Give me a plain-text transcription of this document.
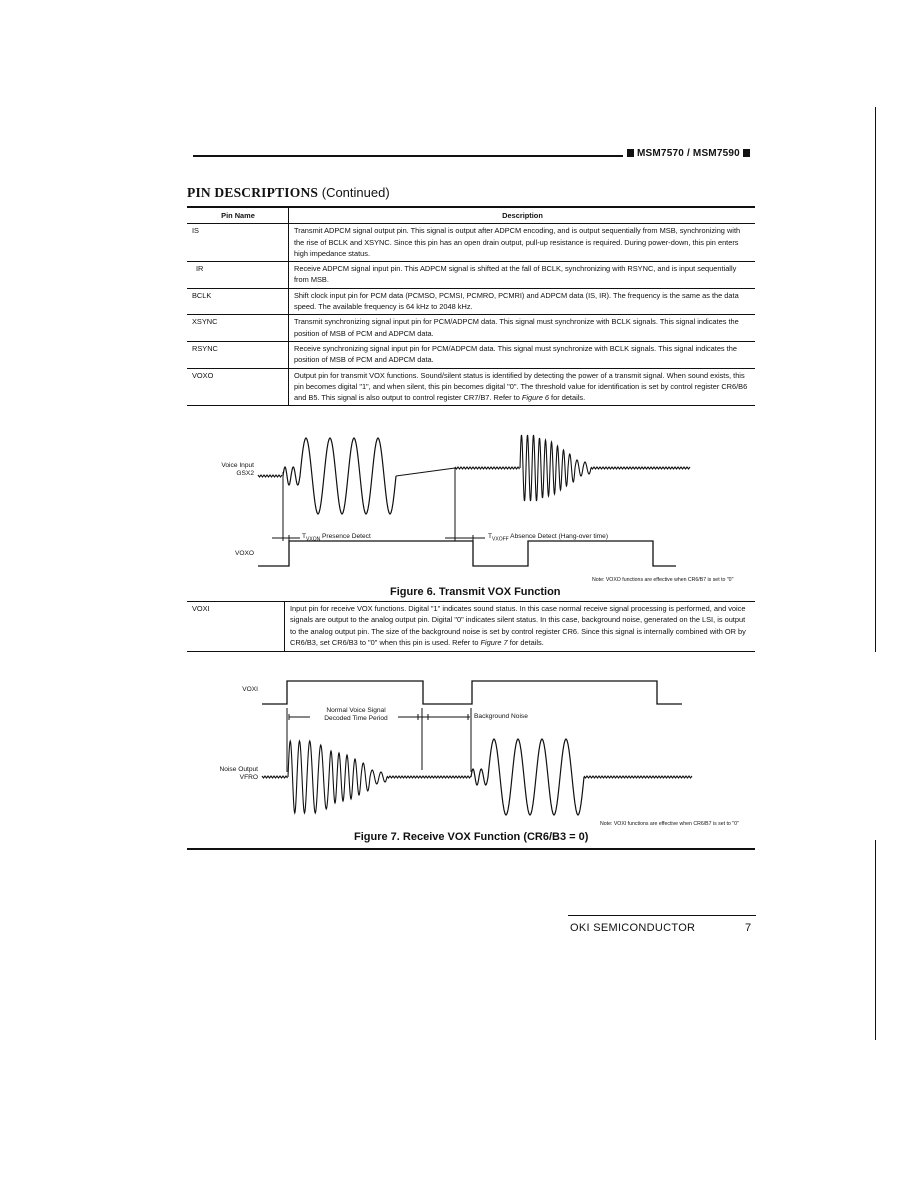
MSM7570 / MSM7590
PIN DESCRIPTIONS (Continued)
Pin Name	Description
IS	Transmit ADPCM signal output pin. This signal is output after ADPCM encoding, and is output sequentially from MSB, synchronizing with the rise of BCLK and XSYNC. Since this pin has an open drain output, pull-up resistance is required. During power-down, this pin enters high impedance status.
IR	Receive ADPCM signal input pin. This ADPCM signal is shifted at the fall of BCLK, synchronizing with RSYNC, and is input sequentially from MSB.
BCLK	Shift clock input pin for PCM data (PCMSO, PCMSI, PCMRO, PCMRI) and ADPCM data (IS, IR). The frequency is the same as the data speed. The available frequency is 64 kHz to 2048 kHz.
XSYNC	Transmit synchronizing signal input pin for PCM/ADPCM data. This signal must synchronize with BCLK signals. This signal indicates the position of MSB of PCM and ADPCM data.
RSYNC	Receive synchronizing signal input pin for PCM/ADPCM data. This signal must synchronize with BCLK signals. This signal indicates the position of MSB of PCM and ADPCM data.
VOXO	Output pin for transmit VOX functions. Sound/silent status is identified by detecting the power of a transmit signal. When sound exists, this pin becomes digital "1", and when silent, this pin becomes digital "0". The threshold value for identification is set by control register CR6/B6 and B5. This signal is also output to control register CR7/B7. Refer to Figure 6 for details.
Voice Input
GSX2
VOXO
$T_{VXON}$ Presence Detect	$T_{VXOFF}$ Absence Detect (Hang-over time)
Note: VOXO functions are effective when CR6/B7 is set to "0"
Figure 6. Transmit VOX Function
VOXI	Input pin for receive VOX functions. Digital "1" indicates sound status. In this case normal receive signal processing is performed, and voice signals are output to the analog output pin. Digital "0" indicates silent status. In this case, background noise, generated on the LSI, is output to the analog output pin. The size of the background noise is set by control register CR6. Since this signal is internally combined with OR by CR6/B3, set CR6/B3 to "0" when this pin is used. Refer to Figure 7 for details.
VOXI
Noise Output
VFRO
Normal Voice Signal
Decoded Time Period	Background Noise
Note: VOXI functions are effective when CR6/B7 is set to "0"
Figure 7. Receive VOX Function (CR6/B3 = 0)
OKI SEMICONDUCTOR	7
